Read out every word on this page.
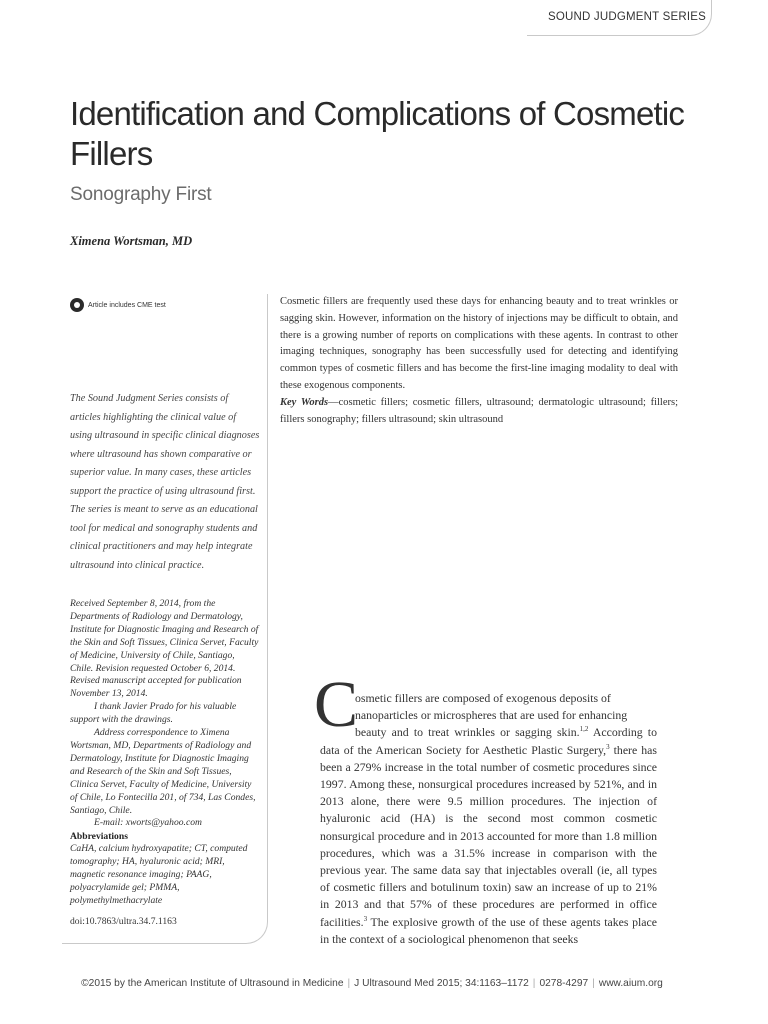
SOUND JUDGMENT SERIES
Identification and Complications of Cosmetic Fillers
Sonography First
Ximena Wortsman, MD
Article includes CME test

The Sound Judgment Series consists of articles highlighting the clinical value of using ultrasound in specific clinical diagnoses where ultrasound has shown comparative or superior value. In many cases, these articles support the practice of using ultrasound first. The series is meant to serve as an educational tool for medical and sonography students and clinical practitioners and may help integrate ultrasound into clinical practice.

Received September 8, 2014, from the Departments of Radiology and Dermatology, Institute for Diagnostic Imaging and Research of the Skin and Soft Tissues, Clinica Servet, Faculty of Medicine, University of Chile, Santiago, Chile. Revision requested October 6, 2014. Revised manuscript accepted for publication November 13, 2014.

I thank Javier Prado for his valuable support with the drawings.

Address correspondence to Ximena Wortsman, MD, Departments of Radiology and Dermatology, Institute for Diagnostic Imaging and Research of the Skin and Soft Tissues, Clinica Servet, Faculty of Medicine, University of Chile, Lo Fontecilla 201, of 734, Las Condes, Santiago, Chile.

E-mail: xworts@yahoo.com

Abbreviations

CaHA, calcium hydroxyapatite; CT, computed tomography; HA, hyaluronic acid; MRI, magnetic resonance imaging; PAAG, polyacrylamide gel; PMMA, polymethylmethacrylate

doi:10.7863/ultra.34.7.1163

Cosmetic fillers are frequently used these days for enhancing beauty and to treat wrinkles or sagging skin. However, information on the history of injections may be difficult to obtain, and there is a growing number of reports on complications with these agents. In contrast to other imaging techniques, sonography has been successfully used for detecting and identifying common types of cosmetic fillers and has become the first-line imaging modality to deal with these exogenous components.

Key Words—cosmetic fillers; cosmetic fillers, ultrasound; dermatologic ultrasound; fillers; fillers sonography; fillers ultrasound; skin ultrasound

C
osmetic fillers are composed of exogenous deposits of
nanoparticles or microspheres that are used for enhancing
beauty and to treat wrinkles or sagging skin.$^{1,2}$ According to data of the American Society for Aesthetic Plastic Surgery,$^3$ there has been a 279% increase in the total number of cosmetic procedures since 1997. Among these, nonsurgical procedures increased by 521%, and in 2013 alone, there were 9.5 million procedures. The injection of hyaluronic acid (HA) is the second most common cosmetic nonsurgical procedure and in 2013 accounted for more than 1.8 million procedures, which was a 31.5% increase in comparison with the previous year. The same data say that injectables overall (ie, all types of cosmetic fillers and botulinum toxin) saw an increase of up to 21% in 2013 and that 57% of these procedures are performed in office facilities.$^3$ The explosive growth of the use of these agents takes place in the context of a sociological phenomenon that seeks
©2015 by the American Institute of Ultrasound in Medicine | J Ultrasound Med 2015; 34:1163–1172 | 0278-4297 | www.aium.org
